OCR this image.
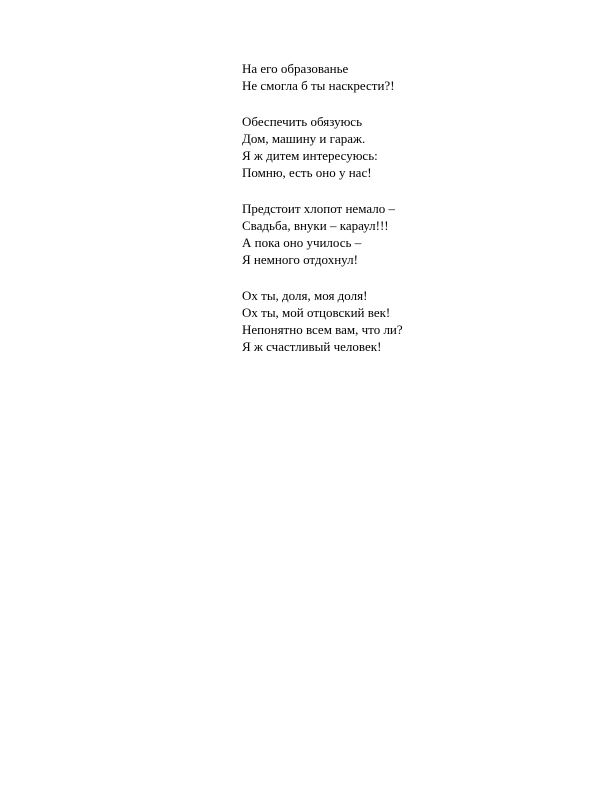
На его образованье
Не смогла б ты наскрести?!
Обеспечить обязуюсь
Дом, машину и гараж.
Я ж дитем интересуюсь:
Помню, есть оно у нас!
Предстоит хлопот немало –
Свадьба, внуки – караул!!!
А пока оно училось –
Я немного отдохнул!
Ох ты, доля, моя доля!
Ох ты, мой отцовский век!
Непонятно всем вам, что ли?
Я ж счастливый человек!
